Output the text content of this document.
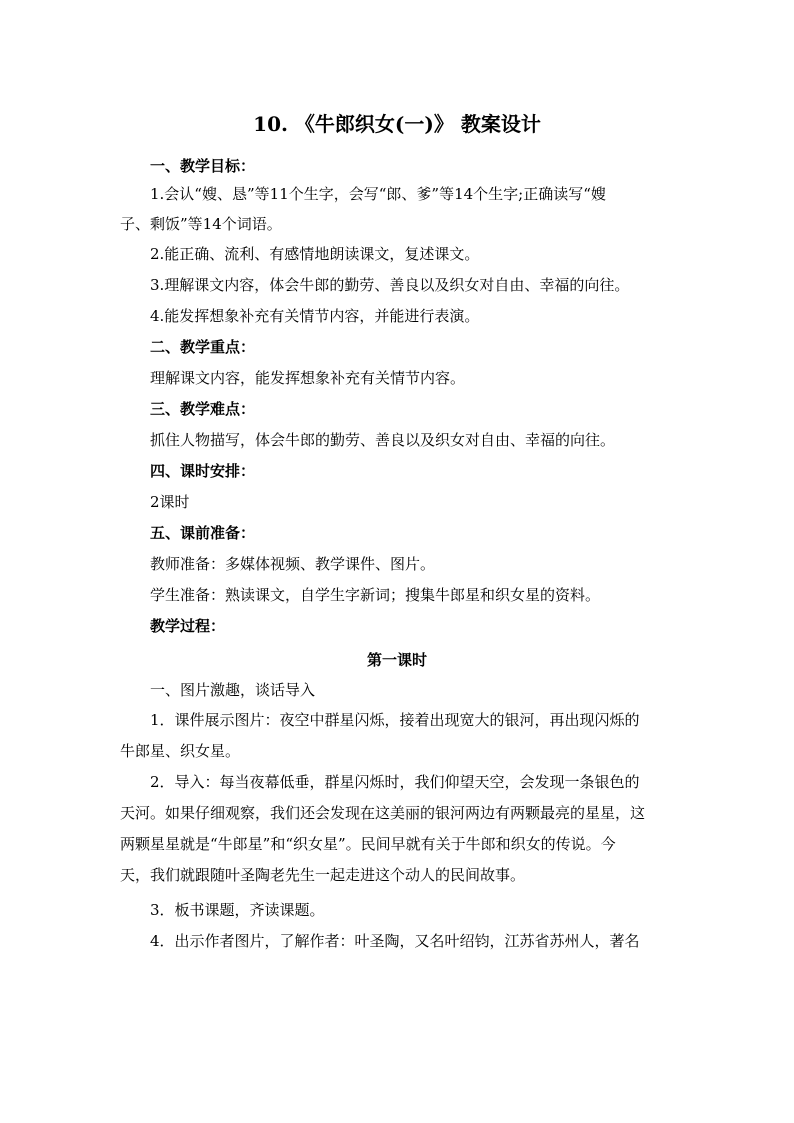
10. 《牛郎织女(一)》 教案设计
一、教学目标：
1.会认“嫂、恳”等11个生字，会写“郎、爹”等14个生字;正确读写“嫂
子、剩饭”等14个词语。
2.能正确、流利、有感情地朗读课文，复述课文。
3.理解课文内容，体会牛郎的勤劳、善良以及织女对自由、幸福的向往。
4.能发挥想象补充有关情节内容，并能进行表演。
二、教学重点：
理解课文内容，能发挥想象补充有关情节内容。
三、教学难点：
抓住人物描写，体会牛郎的勤劳、善良以及织女对自由、幸福的向往。
四、课时安排：
2课时
五、课前准备：
教师准备：多媒体视频、教学课件、图片。
学生准备：熟读课文，自学生字新词；搜集牛郎星和织女星的资料。
教学过程：
第一课时
一、图片激趣，谈话导入
1．课件展示图片：夜空中群星闪烁，接着出现宽大的银河，再出现闪烁的
牛郎星、织女星。
2．导入：每当夜幕低垂，群星闪烁时，我们仰望天空，会发现一条银色的
天河。如果仔细观察，我们还会发现在这美丽的银河两边有两颗最亮的星星，这
两颗星星就是“牛郎星”和“织女星”。民间早就有关于牛郎和织女的传说。今
天，我们就跟随叶圣陶老先生一起走进这个动人的民间故事。
3．板书课题，齐读课题。
4．出示作者图片，了解作者：叶圣陶，又名叶绍钧，江苏省苏州人，著名
